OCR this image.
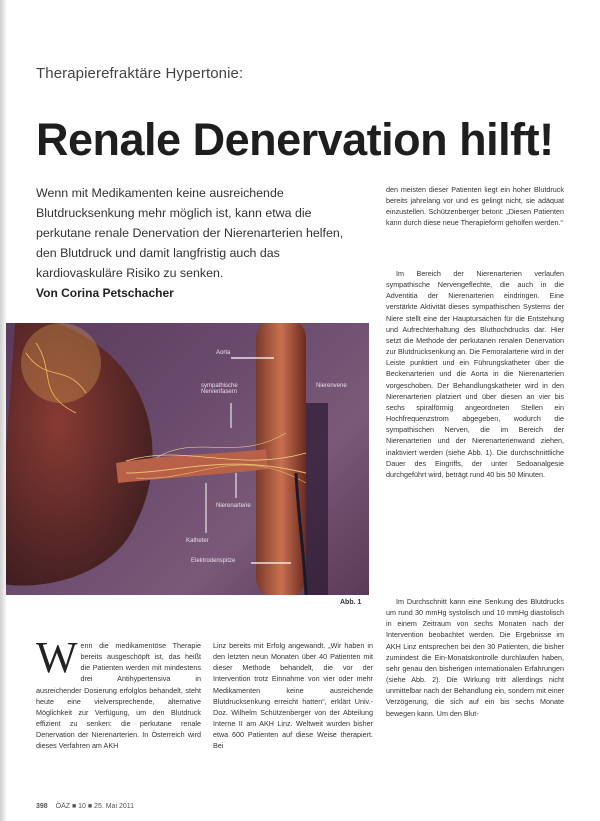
Therapierefraktäre Hypertonie:
Renale Denervation hilft!

Wenn mit Medikamenten keine ausreichende Blutdrucksenkung mehr möglich ist, kann etwa die perkutane renale Denervation der Nierenarterien helfen, den Blutdruck und damit langfristig auch das kardiovaskuläre Risiko zu senken.

Von Corina Petschacher

Aorta
sympathische Nervenfasern
Nierenarterie
Katheter
Elektrodenspitze
Nierenvene
Abb. 1
W enn die medikamentöse Therapie bereits ausgeschöpft ist, das heißt die Patienten werden mit mindestens drei Antihypertensiva in ausreichender Dosierung erfolglos behandelt, steht heute eine vielversprechende, alternative Möglichkeit zur Verfügung, um den Blutdruck effizient zu senken: die perkutane renale Denervation der Nierenarterien. In Österreich wird dieses Verfahren am AKH

Linz bereits mit Erfolg angewandt. „Wir haben in den letzten neun Monaten über 40 Patienten mit dieser Methode behandelt, die vor der Intervention trotz Einnahme von vier oder mehr Medikamenten keine ausreichende Blutdrucksenkung erreicht hatten“, erklärt Univ.-Doz. Wilhelm Schützenberger von der Abteilung Interne II am AKH Linz. Weltweit wurden bisher etwa 600 Patienten auf diese Weise therapiert. Bei

den meisten dieser Patienten liegt ein hoher Blutdruck bereits jahrelang vor und es gelingt nicht, sie adäquat einzustellen. Schützenberger betont: „Diesen Patienten kann durch diese neue Therapieform geholfen werden.“

Im Bereich der Nierenarterien verlaufen sympathische Nervengeflechte, die auch in die Adventitia der Nierenarterien eindringen. Eine verstärkte Aktivität dieses sympathischen Systems der Niere stellt eine der Hauptursachen für die Entstehung und Aufrechterhaltung des Bluthochdrucks dar. Hier setzt die Methode der perkutanen renalen Denervation zur Blutdrucksenkung an. Die Femoralarterie wird in der Leiste punktiert und ein Führungskatheter über die Beckenarterien und die Aorta in die Nierenarterien vorgeschoben. Der Behandlungskatheter wird in den Nierenarterien platziert und über diesen an vier bis sechs spiralförmig angeordneten Stellen ein Hochfrequenzstrom abgegeben, wodurch die sympathischen Nerven, die im Bereich der Nierenarterien und der Nierenarterienwand ziehen, inaktiviert werden (siehe Abb. 1). Die durchschnittliche Dauer des Eingriffs, der unter Sedoanalgesie durchgeführt wird, beträgt rund 40 bis 50 Minuten.

Im Durchschnitt kann eine Senkung des Blutdrucks um rund 30 mmHg systolisch und 10 mmHg diastolisch in einem Zeitraum von sechs Monaten nach der Intervention beobachtet werden. Die Ergebnisse im AKH Linz entsprechen bei den 30 Patienten, die bisher zumindest die Ein-Monatskontrolle durchlaufen haben, sehr genau den bisherigen internationalen Erfahrungen (siehe Abb. 2). Die Wirkung tritt allerdings nicht unmittelbar nach der Behandlung ein, sondern mit einer Verzögerung, die sich auf ein bis sechs Monate bewegen kann. Um den Blut-

398 ÖÄZ ■ 10 ■ 25. Mai 2011
